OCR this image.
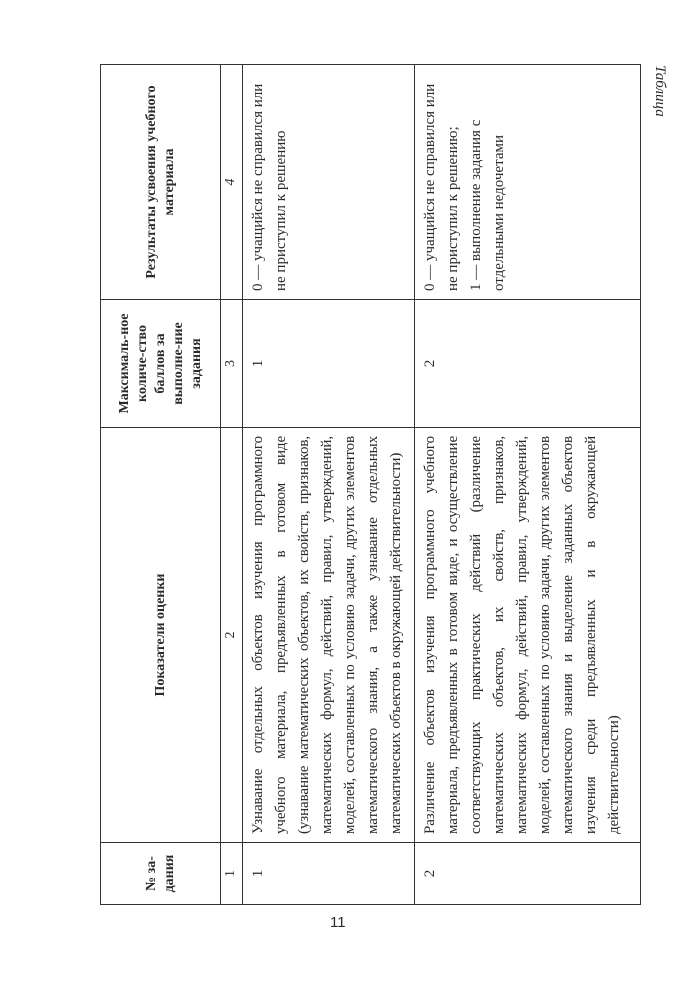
Таблица
№ за-дания	Показатели оценки	Максималь-ное количе-ство баллов за выполне-ние задания	Результаты усвоения учебного материала
1	2	3	4
1	Узнавание отдельных объектов изучения программного учебного материала, предъявленных в готовом виде (узнавание математических объектов, их свойств, признаков, математических формул, действий, правил, утверждений, моделей, составленных по условию задачи, других элементов математического знания, а также узнавание отдельных математических объектов в окружающей действительности)	1	0 — учащийся не справился или не приступил к решению

2	Различение объектов изучения программного учебного материала, предъявленных в готовом виде, и осуществление соответствующих практических действий (различение математических объектов, их свойств, признаков, математических формул, действий, правил, утверждений, моделей, составленных по условию задачи, других элементов математического знания и выделение заданных объектов изучения среди предъявленных и в окружающей действительности)	2	0 — учащийся не справился или не приступил к решению; 1 — выполнение задания с отдельными недочетами
11
